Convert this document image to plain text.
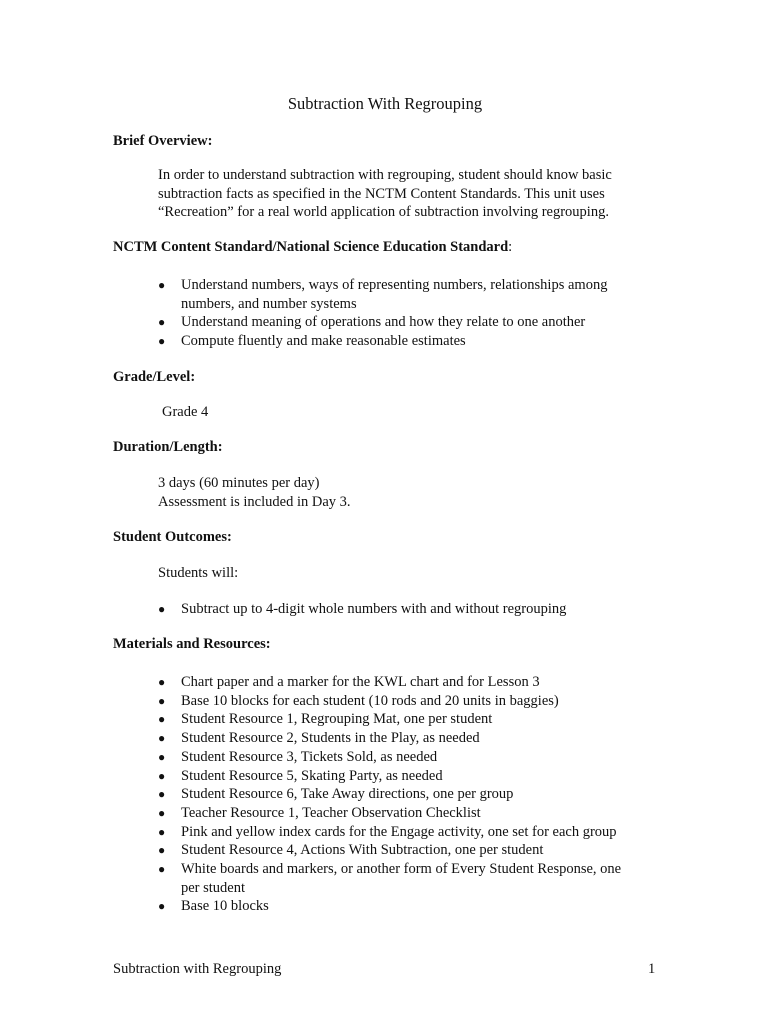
Subtraction With Regrouping
Brief Overview:
In order to understand subtraction with regrouping, student should know basic
subtraction facts as specified in the NCTM Content Standards. This unit uses
“Recreation” for a real world application of subtraction involving regrouping.
NCTM Content Standard/National Science Education Standard:
● Understand numbers, ways of representing numbers, relationships among
numbers, and number systems
● Understand meaning of operations and how they relate to one another
● Compute fluently and make reasonable estimates
Grade/Level:
Grade 4
Duration/Length:
3 days (60 minutes per day)
Assessment is included in Day 3.
Student Outcomes:
Students will:
● Subtract up to 4-digit whole numbers with and without regrouping
Materials and Resources:
● Chart paper and a marker for the KWL chart and for Lesson 3
● Base 10 blocks for each student (10 rods and 20 units in baggies)
● Student Resource 1, Regrouping Mat, one per student
● Student Resource 2, Students in the Play, as needed
● Student Resource 3, Tickets Sold, as needed
● Student Resource 5, Skating Party, as needed
● Student Resource 6, Take Away directions, one per group
● Teacher Resource 1, Teacher Observation Checklist
● Pink and yellow index cards for the Engage activity, one set for each group
● Student Resource 4, Actions With Subtraction, one per student
● White boards and markers, or another form of Every Student Response, one
per student
● Base 10 blocks
Subtraction with Regrouping	1
